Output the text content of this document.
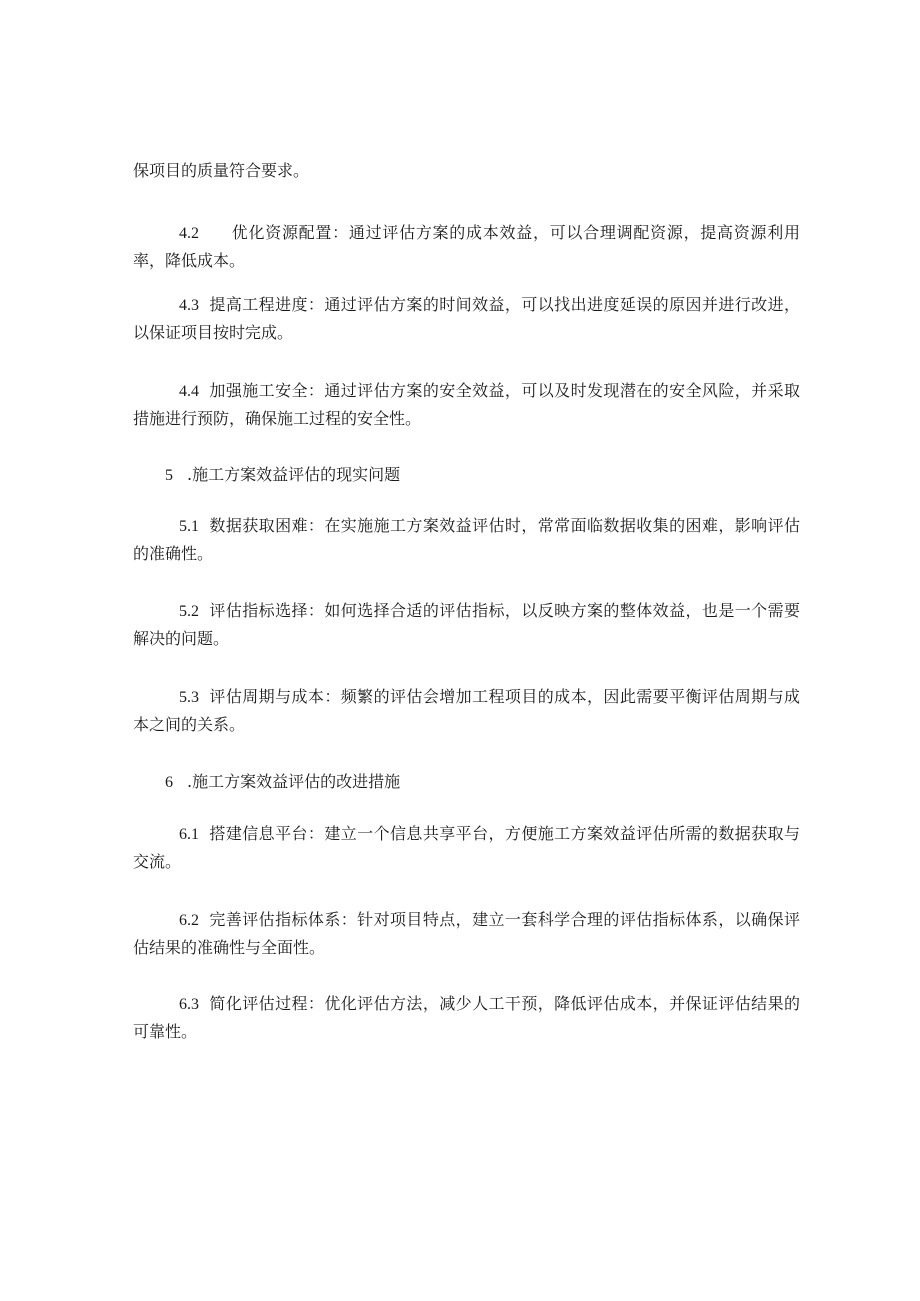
保项目的质量符合要求。

4.2 优化资源配置：通过评估方案的成本效益，可以合理调配资源，提高资源利用率，降低成本。

4.3 提高工程进度：通过评估方案的时间效益，可以找出进度延误的原因并进行改进，以保证项目按时完成。

4.4 加强施工安全：通过评估方案的安全效益，可以及时发现潜在的安全风险，并采取措施进行预防，确保施工过程的安全性。

5 .施工方案效益评估的现实问题

5.1 数据获取困难：在实施施工方案效益评估时，常常面临数据收集的困难，影响评估的准确性。

5.2 评估指标选择：如何选择合适的评估指标，以反映方案的整体效益，也是一个需要解决的问题。

5.3 评估周期与成本：频繁的评估会增加工程项目的成本，因此需要平衡评估周期与成本之间的关系。

6 .施工方案效益评估的改进措施

6.1 搭建信息平台：建立一个信息共享平台，方便施工方案效益评估所需的数据获取与交流。

6.2 完善评估指标体系：针对项目特点，建立一套科学合理的评估指标体系，以确保评估结果的准确性与全面性。

6.3 简化评估过程：优化评估方法，减少人工干预，降低评估成本，并保证评估结果的可靠性。
